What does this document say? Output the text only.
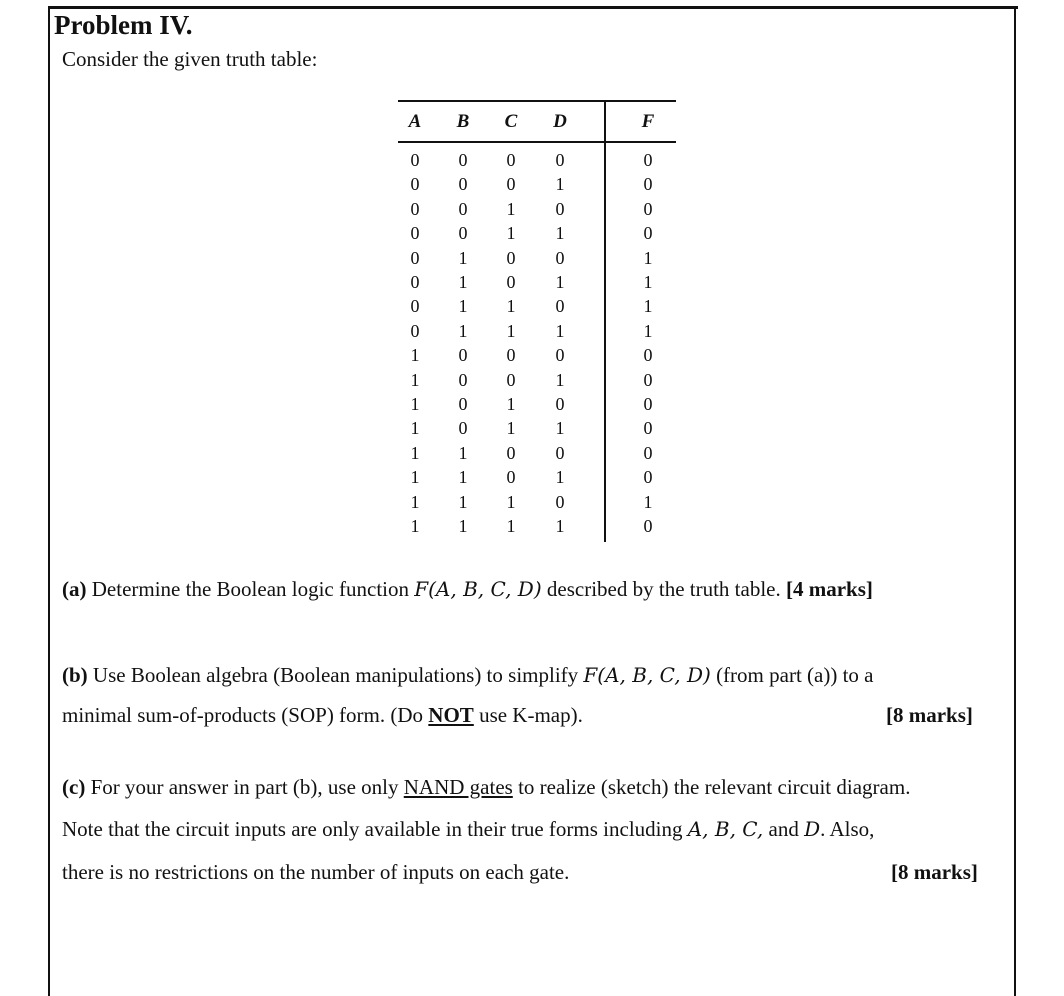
Problem IV.
Consider the given truth table:
A	B	C	D	F
0	0	0	0	0
0	0	0	1	0
0	0	1	0	0
0	0	1	1	0
0	1	0	0	1
0	1	0	1	1
0	1	1	0	1
0	1	1	1	1
1	0	0	0	0
1	0	0	1	0
1	0	1	0	0
1	0	1	1	0
1	1	0	0	0
1	1	0	1	0
1	1	1	0	1
1	1	1	1	0
(a) Determine the Boolean logic function F(A, B, C, D) described by the truth table. [4 marks]
(b) Use Boolean algebra (Boolean manipulations) to simplify F(A, B, C, D) (from part (a)) to a
minimal sum-of-products (SOP) form. (Do NOT use K-map).	[8 marks]
(c) For your answer in part (b), use only NAND gates to realize (sketch) the relevant circuit diagram.
Note that the circuit inputs are only available in their true forms including A, B, C, and D. Also,
there is no restrictions on the number of inputs on each gate.	[8 marks]
